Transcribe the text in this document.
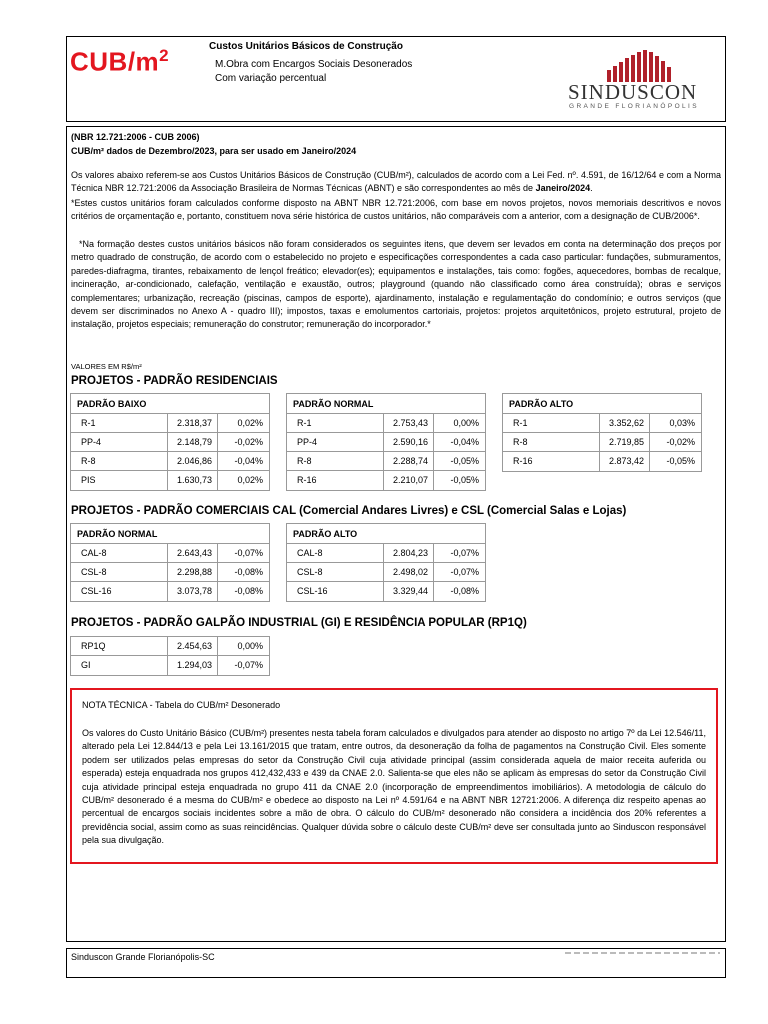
CUB/$m^2$	Custos Unitários Básicos de Construção
M.Obra com Encargos Sociais Desonerados
Com variação percentual
SINDUSCON
GRANDE FLORIANÓPOLIS
(NBR 12.721:2006 - CUB 2006)
CUB/m² dados de Dezembro/2023, para ser usado em Janeiro/2024
Os valores abaixo referem-se aos Custos Unitários Básicos de Construção (CUB/m²), calculados de acordo com a Lei Fed. nº. 4.591, de 16/12/64 e com a Norma Técnica NBR 12.721:2006 da Associação Brasileira de Normas Técnicas (ABNT) e são correspondentes ao mês de Janeiro/2024.
*Estes custos unitários foram calculados conforme disposto na ABNT NBR 12.721:2006, com base em novos projetos, novos memoriais descritivos e novos critérios de orçamentação e, portanto, constituem nova série histórica de custos unitários, não comparáveis com a anterior, com a designação de CUB/2006*.
*Na formação destes custos unitários básicos não foram considerados os seguintes itens, que devem ser levados em conta na determinação dos preços por metro quadrado de construção, de acordo com o estabelecido no projeto e especificações correspondentes a cada caso particular: fundações, submuramentos, paredes-diafragma, tirantes, rebaixamento de lençol freático; elevador(es); equipamentos e instalações, tais como: fogões, aquecedores, bombas de recalque, incineração, ar-condicionado, calefação, ventilação e exaustão, outros; playground (quando não classificado como área construída); obras e serviços complementares; urbanização, recreação (piscinas, campos de esporte), ajardinamento, instalação e regulamentação do condomínio; e outros serviços (que devem ser discriminados no Anexo A - quadro III); impostos, taxas e emolumentos cartoriais, projetos: projetos arquitetônicos, projeto estrutural, projeto de instalação, projetos especiais; remuneração do construtor; remuneração do incorporador.*
VALORES EM R$/m²
PROJETOS - PADRÃO RESIDENCIAIS
PADRÃO BAIXO
R-1	2.318,37	0,02%
PP-4	2.148,79	-0,02%
R-8	2.046,86	-0,04%
PIS	1.630,73	0,02%
PADRÃO NORMAL
R-1	2.753,43	0,00%
PP-4	2.590,16	-0,04%
R-8	2.288,74	-0,05%
R-16	2.210,07	-0,05%
PADRÃO ALTO
R-1	3.352,62	0,03%
R-8	2.719,85	-0,02%
R-16	2.873,42	-0,05%
PROJETOS - PADRÃO COMERCIAIS CAL (Comercial Andares Livres) e CSL (Comercial Salas e Lojas)
PADRÃO NORMAL
CAL-8	2.643,43	-0,07%
CSL-8	2.298,88	-0,08%
CSL-16	3.073,78	-0,08%
PADRÃO ALTO
CAL-8	2.804,23	-0,07%
CSL-8	2.498,02	-0,07%
CSL-16	3.329,44	-0,08%
PROJETOS - PADRÃO GALPÃO INDUSTRIAL (GI) E RESIDÊNCIA POPULAR (RP1Q)
RP1Q	2.454,63	0,00%
GI	1.294,03	-0,07%
NOTA TÉCNICA - Tabela do CUB/m² Desonerado
Os valores do Custo Unitário Básico (CUB/m²) presentes nesta tabela foram calculados e divulgados para atender ao disposto no artigo 7º da Lei 12.546/11, alterado pela Lei 12.844/13 e pela Lei 13.161/2015 que tratam, entre outros, da desoneração da folha de pagamentos na Construção Civil. Eles somente podem ser utilizados pelas empresas do setor da Construção Civil cuja atividade principal (assim considerada aquela de maior receita auferida ou esperada) esteja enquadrada nos grupos 412,432,433 e 439 da CNAE 2.0. Salienta-se que eles não se aplicam às empresas do setor da Construção Civil cuja atividade principal esteja enquadrada no grupo 411 da CNAE 2.0 (incorporação de empreendimentos imobiliários). A metodologia de cálculo do CUB/m² desonerado é a mesma do CUB/m² e obedece ao disposto na Lei nº 4.591/64 e na ABNT NBR 12721:2006. A diferença diz respeito apenas ao percentual de encargos sociais incidentes sobre a mão de obra. O cálculo do CUB/m² desonerado não considera a incidência dos 20% referentes a previdência social, assim como as suas reincidências. Qualquer dúvida sobre o cálculo deste CUB/m² deve ser consultada junto ao Sinduscon responsável pela sua divulgação.
Sinduscon Grande Florianópolis-SC
